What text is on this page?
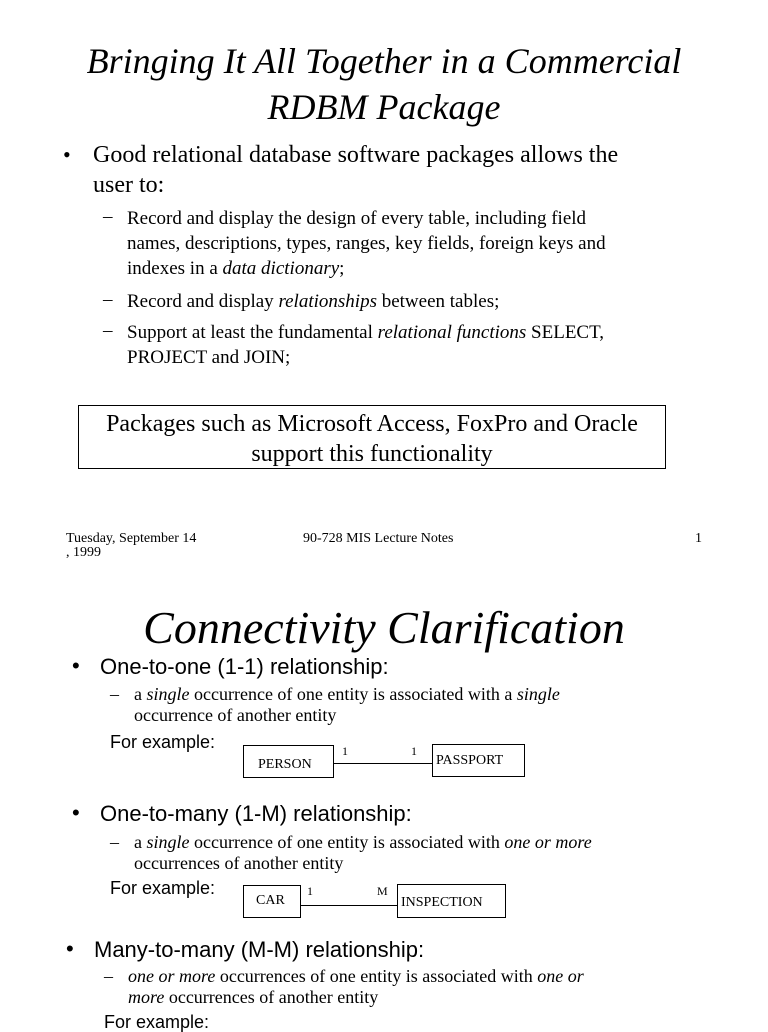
Bringing It All Together in a Commercial
RDBM Package
• Good relational database software packages allows the
user to:
– Record and display the design of every table, including field
names, descriptions, types, ranges, key fields, foreign keys and
indexes in a data dictionary;
– Record and display relationships between tables;
– Support at least the fundamental relational functions SELECT,
PROJECT and JOIN;
Packages such as Microsoft Access, FoxPro and Oracle
support this functionality
Tuesday, September 14
, 1999
90-728 MIS Lecture Notes	1
Connectivity Clarification
• One-to-one (1-1) relationship:
– a single occurrence of one entity is associated with a single
occurrence of another entity
For example:
PERSON
1	1
PASSPORT
• One-to-many (1-M) relationship:
– a single occurrence of one entity is associated with one or more
occurrences of another entity
For example:
CAR
1	M
INSPECTION
• Many-to-many (M-M) relationship:
– one or more occurrences of one entity is associated with one or
more occurrences of another entity
For example:
